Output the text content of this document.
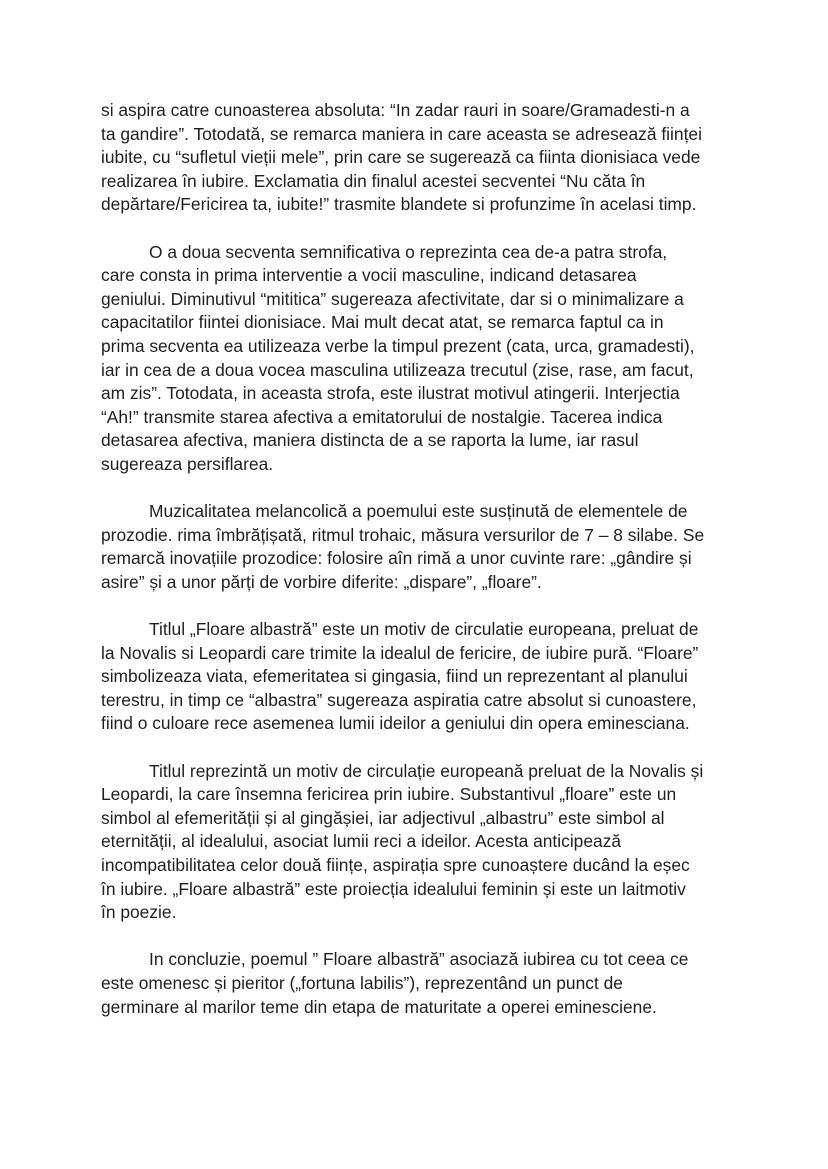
si aspira catre cunoasterea absoluta: “In zadar rauri in soare/Gramadesti-n a
ta gandire”. Totodată, se remarca maniera in care aceasta se adresează ființei
iubite, cu “sufletul vieții mele”, prin care se sugerează ca fiinta dionisiaca vede
realizarea în iubire. Exclamatia din finalul acestei secventei “Nu căta în
depărtare/Fericirea ta, iubite!” trasmite blandete si profunzime în acelasi timp.

O a doua secventa semnificativa o reprezinta cea de-a patra strofa,
care consta in prima interventie a vocii masculine, indicand detasarea
geniului. Diminutivul “mititica” sugereaza afectivitate, dar si o minimalizare a
capacitatilor fiintei dionisiace. Mai mult decat atat, se remarca faptul ca in
prima secventa ea utilizeaza verbe la timpul prezent (cata, urca, gramadesti),
iar in cea de a doua vocea masculina utilizeaza trecutul (zise, rase, am facut,
am zis”. Totodata, in aceasta strofa, este ilustrat motivul atingerii. Interjectia
“Ah!” transmite starea afectiva a emitatorului de nostalgie. Tacerea indica
detasarea afectiva, maniera distincta de a se raporta la lume, iar rasul
sugereaza persiflarea.

Muzicalitatea melancolică a poemului este susținută de elementele de
prozodie. rima îmbrățișată, ritmul trohaic, măsura versurilor de 7 – 8 silabe. Se
remarcă inovațiile prozodice: folosire aîn rimă a unor cuvinte rare: „gândire și
asire” și a unor părți de vorbire diferite: „dispare”, „floare”.

Titlul „Floare albastră” este un motiv de circulatie europeana, preluat de
la Novalis si Leopardi care trimite la idealul de fericire, de iubire pură. “Floare”
simbolizeaza viata, efemeritatea si gingasia, fiind un reprezentant al planului
terestru, in timp ce “albastra” sugereaza aspiratia catre absolut si cunoastere,
fiind o culoare rece asemenea lumii ideilor a geniului din opera eminesciana.

Titlul reprezintă un motiv de circulație europeană preluat de la Novalis și
Leopardi, la care însemna fericirea prin iubire. Substantivul „floare” este un
simbol al efemerității și al gingășiei, iar adjectivul „albastru” este simbol al
eternității, al idealului, asociat lumii reci a ideilor. Acesta anticipează
incompatibilitatea celor două ființe, aspirația spre cunoaștere ducând la eșec
în iubire. „Floare albastră” este proiecția idealului feminin și este un laitmotiv
în poezie.

In concluzie, poemul ” Floare albastră” asociază iubirea cu tot ceea ce
este omenesc și pieritor („fortuna labilis”), reprezentând un punct de
germinare al marilor teme din etapa de maturitate a operei eminesciene.
